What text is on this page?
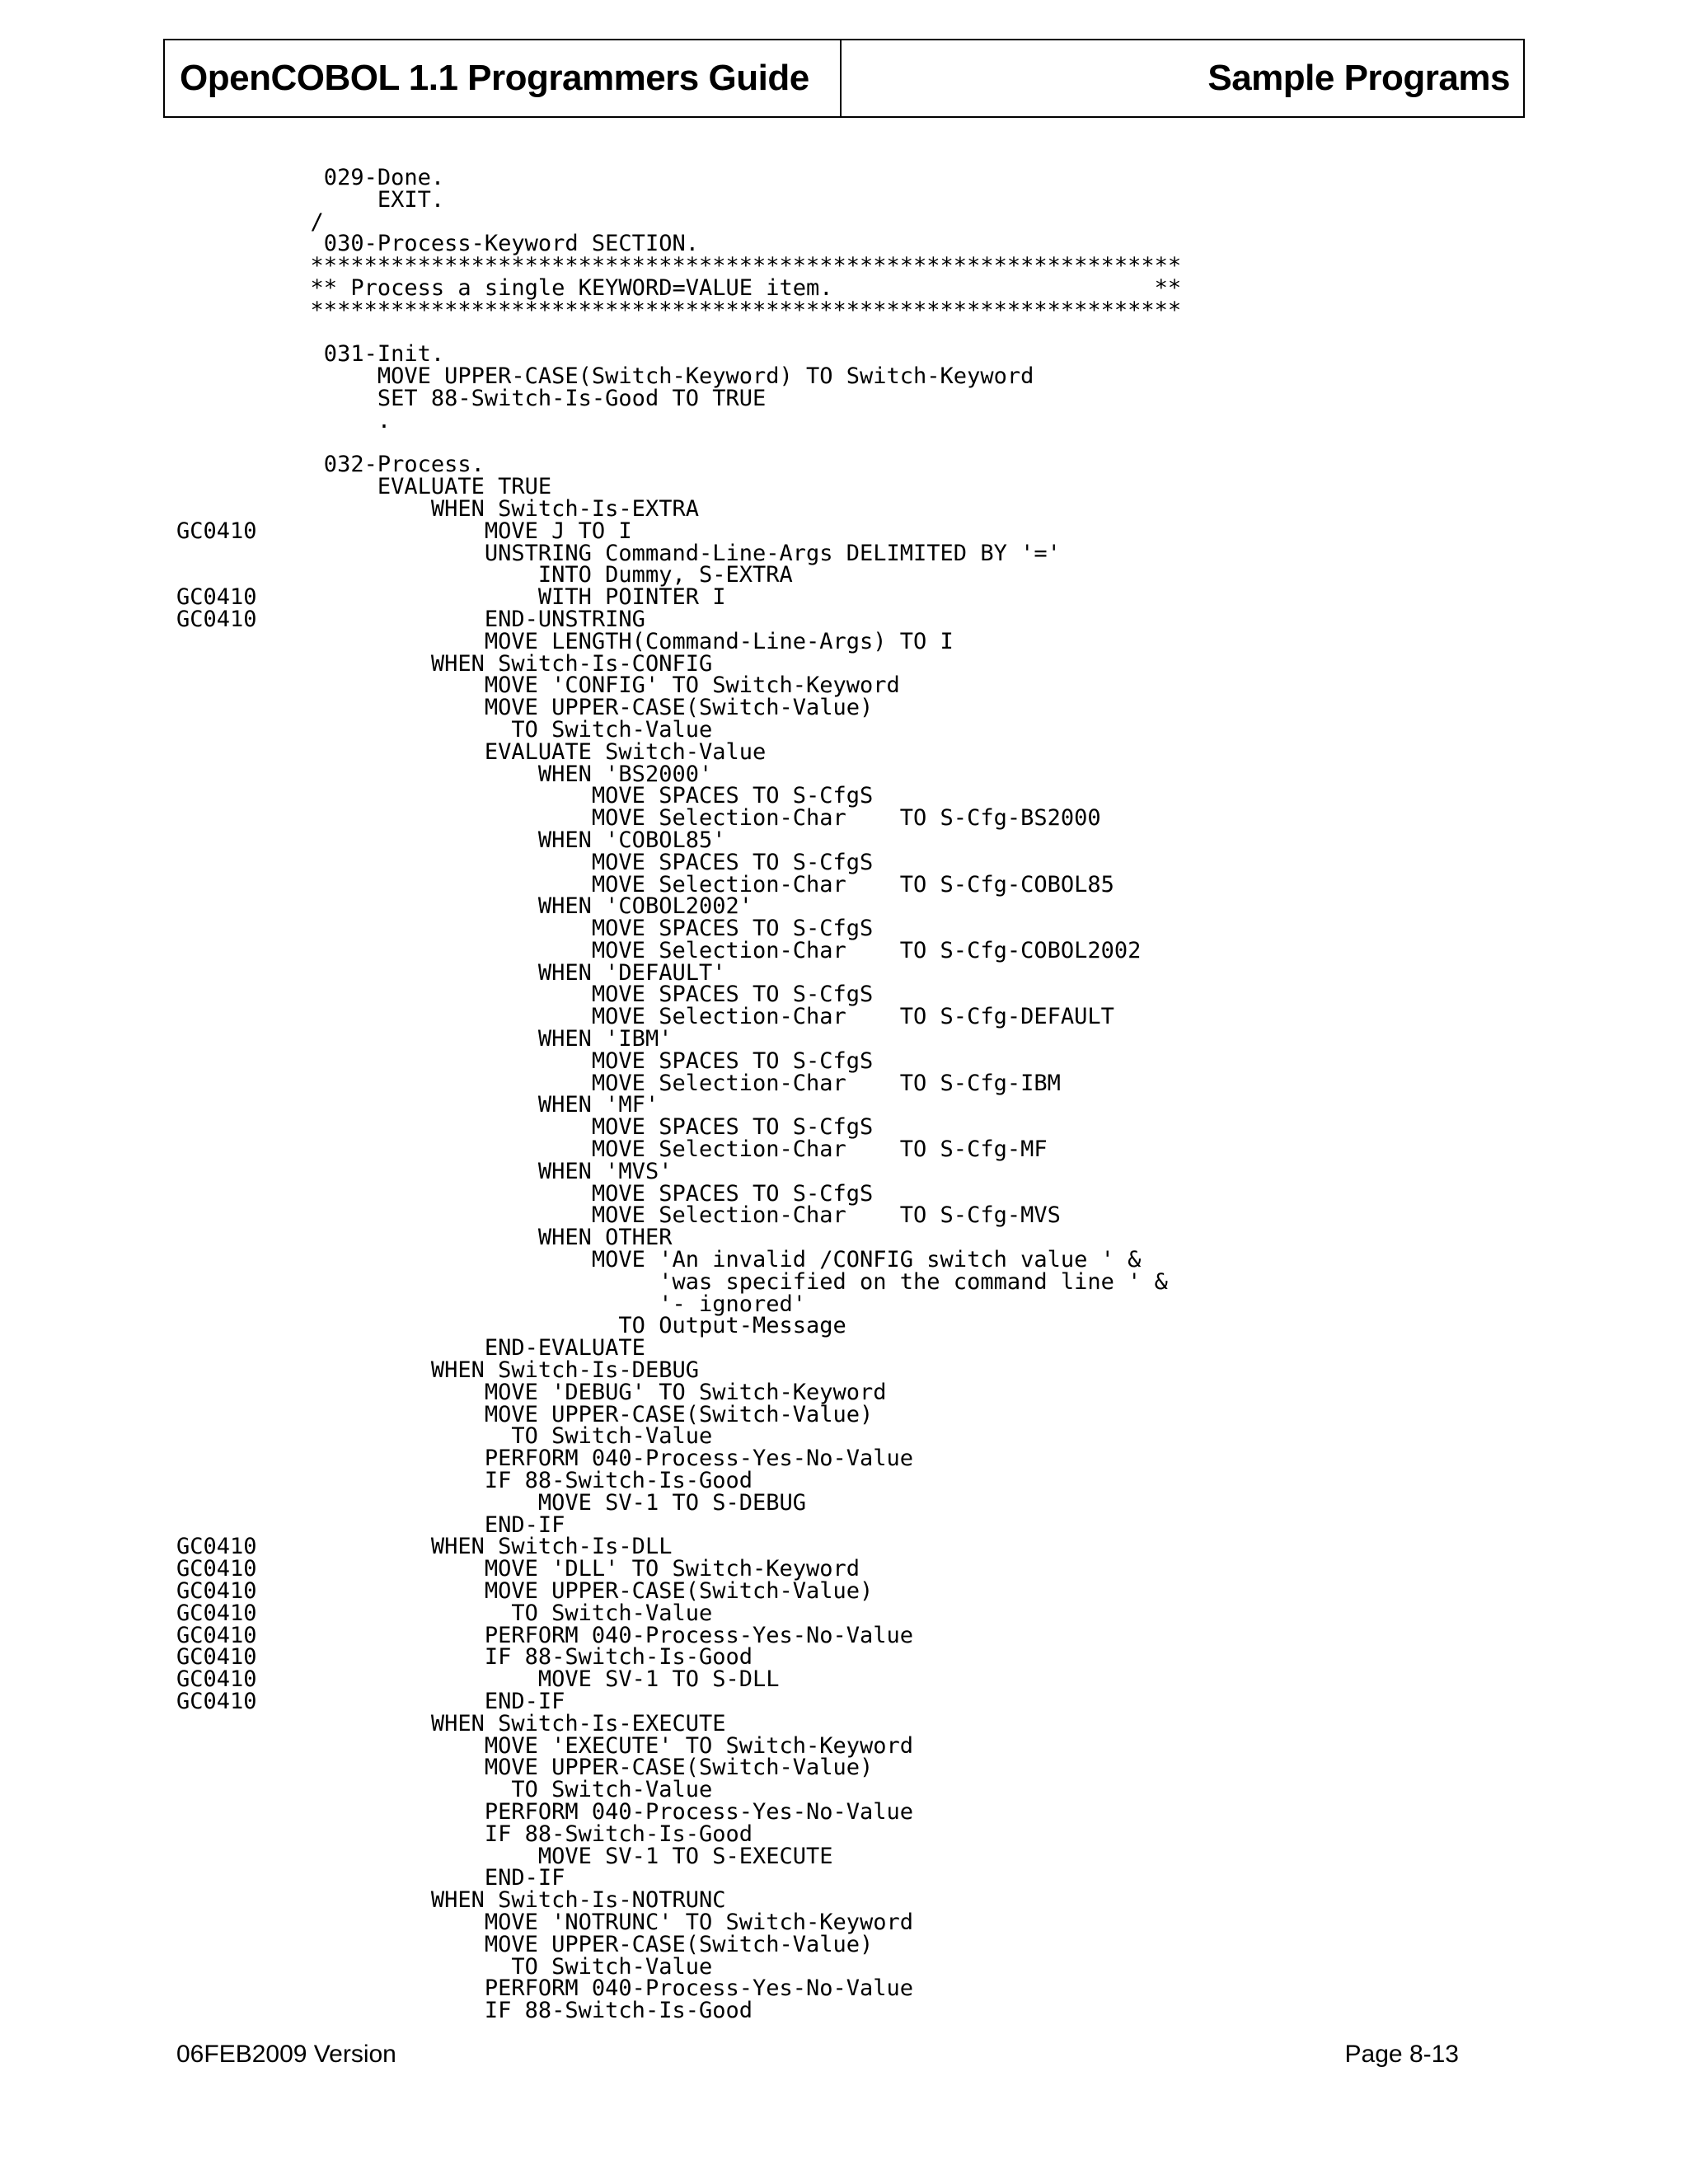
OpenCOBOL 1.1 Programmers Guide	Sample Programs
029-Done.
EXIT.
/
030-Process-Keyword SECTION.
*****************************************************************
** Process a single KEYWORD=VALUE item.                        **
*****************************************************************
031-Init.
MOVE UPPER-CASE(Switch-Keyword) TO Switch-Keyword
SET 88-Switch-Is-Good TO TRUE
.
032-Process.
EVALUATE TRUE
WHEN Switch-Is-EXTRA
GC0410                 MOVE J TO I
UNSTRING Command-Line-Args DELIMITED BY '='
INTO Dummy, S-EXTRA
GC0410                     WITH POINTER I
GC0410                 END-UNSTRING
MOVE LENGTH(Command-Line-Args) TO I
WHEN Switch-Is-CONFIG
MOVE 'CONFIG' TO Switch-Keyword
MOVE UPPER-CASE(Switch-Value)
TO Switch-Value
EVALUATE Switch-Value
WHEN 'BS2000'
MOVE SPACES TO S-CfgS
MOVE Selection-Char    TO S-Cfg-BS2000
WHEN 'COBOL85'
MOVE SPACES TO S-CfgS
MOVE Selection-Char    TO S-Cfg-COBOL85
WHEN 'COBOL2002'
MOVE SPACES TO S-CfgS
MOVE Selection-Char    TO S-Cfg-COBOL2002
WHEN 'DEFAULT'
MOVE SPACES TO S-CfgS
MOVE Selection-Char    TO S-Cfg-DEFAULT
WHEN 'IBM'
MOVE SPACES TO S-CfgS
MOVE Selection-Char    TO S-Cfg-IBM
WHEN 'MF'
MOVE SPACES TO S-CfgS
MOVE Selection-Char    TO S-Cfg-MF
WHEN 'MVS'
MOVE SPACES TO S-CfgS
MOVE Selection-Char    TO S-Cfg-MVS
WHEN OTHER
MOVE 'An invalid /CONFIG switch value ' &
'was specified on the command line ' &
'- ignored'
TO Output-Message
END-EVALUATE
WHEN Switch-Is-DEBUG
MOVE 'DEBUG' TO Switch-Keyword
MOVE UPPER-CASE(Switch-Value)
TO Switch-Value
PERFORM 040-Process-Yes-No-Value
IF 88-Switch-Is-Good
MOVE SV-1 TO S-DEBUG
END-IF
GC0410             WHEN Switch-Is-DLL
GC0410                 MOVE 'DLL' TO Switch-Keyword
GC0410                 MOVE UPPER-CASE(Switch-Value)
GC0410                   TO Switch-Value
GC0410                 PERFORM 040-Process-Yes-No-Value
GC0410                 IF 88-Switch-Is-Good
GC0410                     MOVE SV-1 TO S-DLL
GC0410                 END-IF
WHEN Switch-Is-EXECUTE
MOVE 'EXECUTE' TO Switch-Keyword
MOVE UPPER-CASE(Switch-Value)
TO Switch-Value
PERFORM 040-Process-Yes-No-Value
IF 88-Switch-Is-Good
MOVE SV-1 TO S-EXECUTE
END-IF
WHEN Switch-Is-NOTRUNC
MOVE 'NOTRUNC' TO Switch-Keyword
MOVE UPPER-CASE(Switch-Value)
TO Switch-Value
PERFORM 040-Process-Yes-No-Value
IF 88-Switch-Is-Good
06FEB2009 Version	Page 8-13
